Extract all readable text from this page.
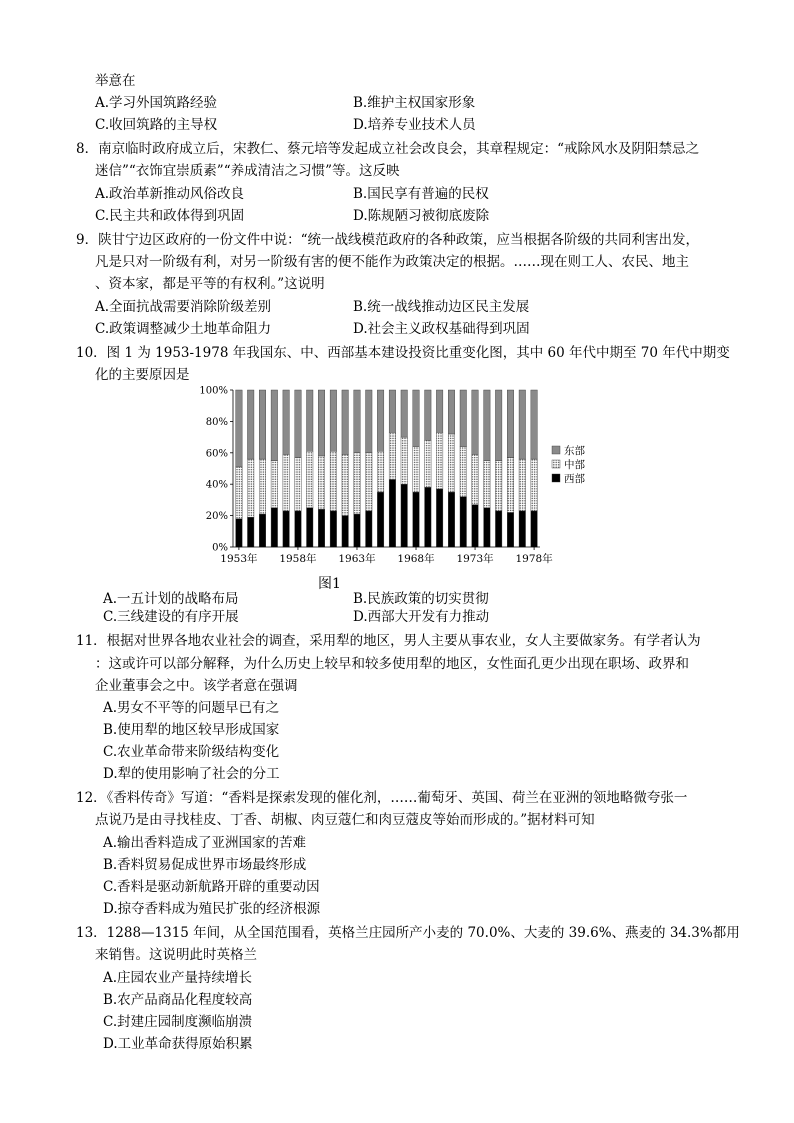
举意在
A.学习外国筑路经验	B.维护主权国家形象
C.收回筑路的主导权	D.培养专业技术人员
8．南京临时政府成立后，宋教仁、蔡元培等发起成立社会改良会，其章程规定：“戒除风水及阴阳禁忌之
迷信”“衣饰宜崇质素”“养成清洁之习惯”等。这反映
A.政治革新推动风俗改良	B.国民享有普遍的民权
C.民主共和政体得到巩固	D.陈规陋习被彻底废除
9．陕甘宁边区政府的一份文件中说：“统一战线模范政府的各种政策，应当根据各阶级的共同利害出发，
凡是只对一阶级有利，对另一阶级有害的便不能作为政策决定的根据。……现在则工人、农民、地主
、资本家，都是平等的有权利。”这说明
A.全面抗战需要消除阶级差别	B.统一战线推动边区民主发展
C.政策调整减少土地革命阻力	D.社会主义政权基础得到巩固
10．图 1 为 1953-1978 年我国东、中、西部基本建设投资比重变化图，其中 60 年代中期至 70 年代中期变
化的主要原因是
0%
20%
40%
60%
80%
100%
1953年 1958年 1963年 1968年 1973年 1978年
东部
中部
西部
图1
A.一五计划的战略布局	B.民族政策的切实贯彻
C.三线建设的有序开展	D.西部大开发有力推动
11．根据对世界各地农业社会的调查，采用犁的地区，男人主要从事农业，女人主要做家务。有学者认为
：这或许可以部分解释，为什么历史上较早和较多使用犁的地区，女性面孔更少出现在职场、政界和
企业董事会之中。该学者意在强调
A.男女不平等的问题早已有之
B.使用犁的地区较早形成国家
C.农业革命带来阶级结构变化
D.犁的使用影响了社会的分工
12．《香料传奇》写道：“香料是探索发现的催化剂，……葡萄牙、英国、荷兰在亚洲的领地略微夸张一
点说乃是由寻找桂皮、丁香、胡椒、肉豆蔻仁和肉豆蔻皮等始而形成的。”据材料可知
A.输出香料造成了亚洲国家的苦难
B.香料贸易促成世界市场最终形成
C.香料是驱动新航路开辟的重要动因
D.掠夺香料成为殖民扩张的经济根源
13．1288—1315 年间，从全国范围看，英格兰庄园所产小麦的 70.0%、大麦的 39.6%、燕麦的 34.3%都用
来销售。这说明此时英格兰
A.庄园农业产量持续增长
B.农产品商品化程度较高
C.封建庄园制度濒临崩溃
D.工业革命获得原始积累
